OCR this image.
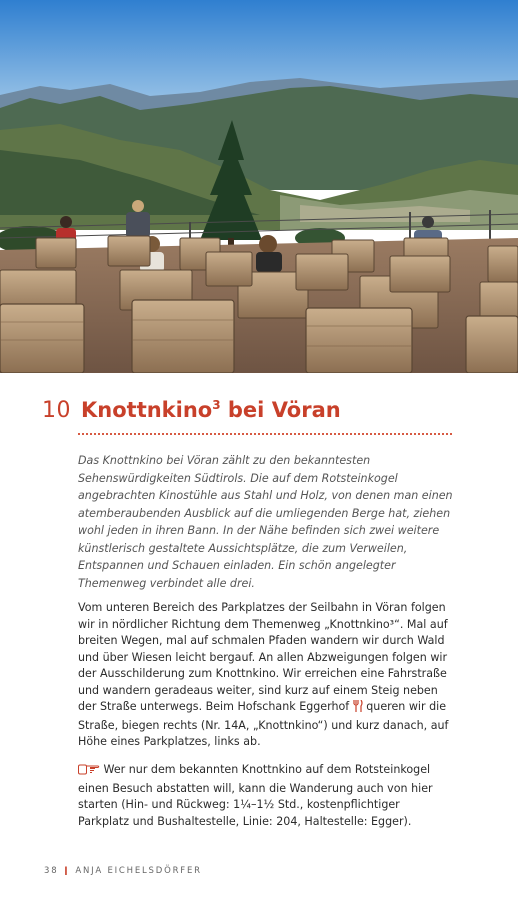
10 Knottnkino$^3$ bei Vöran

Das Knottnkino bei Vöran zählt zu den bekanntesten Sehenswürdigkeiten Südtirols. Die auf dem Rotsteinkogel angebrachten Kinostühle aus Stahl und Holz, von denen man einen atemberaubenden Ausblick auf die umliegenden Berge hat, ziehen wohl jeden in ihren Bann. In der Nähe befinden sich zwei weitere künstlerisch gestaltete Aussichtsplätze, die zum Verweilen, Entspannen und Schauen einladen. Ein schön angelegter Themenweg verbindet alle drei.

Vom unteren Bereich des Parkplatzes der Seilbahn in Vöran folgen wir in nördlicher Richtung dem Themenweg „Knottnkino³“. Mal auf breiten Wegen, mal auf schmalen Pfaden wandern wir durch Wald und über Wiesen leicht bergauf. An allen Abzweigungen folgen wir der Ausschilderung zum Knottnkino. Wir erreichen eine Fahrstraße und wandern geradeaus weiter, sind kurz auf einem Steig neben der Straße unterwegs. Beim Hofschank Eggerhof  queren wir die Straße, biegen rechts (Nr. 14A, „Knottnkino“) und kurz danach, auf Höhe eines Parkplatzes, links ab.

Wer nur dem bekannten Knottnkino auf dem Rotsteinkogel einen Besuch abstatten will, kann die Wanderung auch von hier starten (Hin- und Rückweg: 1¼–1½ Std., kostenpflichtiger Parkplatz und Bushaltestelle, Linie: 204, Haltestelle: Egger).

38 ǀ ANJA EICHELSDÖRFER
